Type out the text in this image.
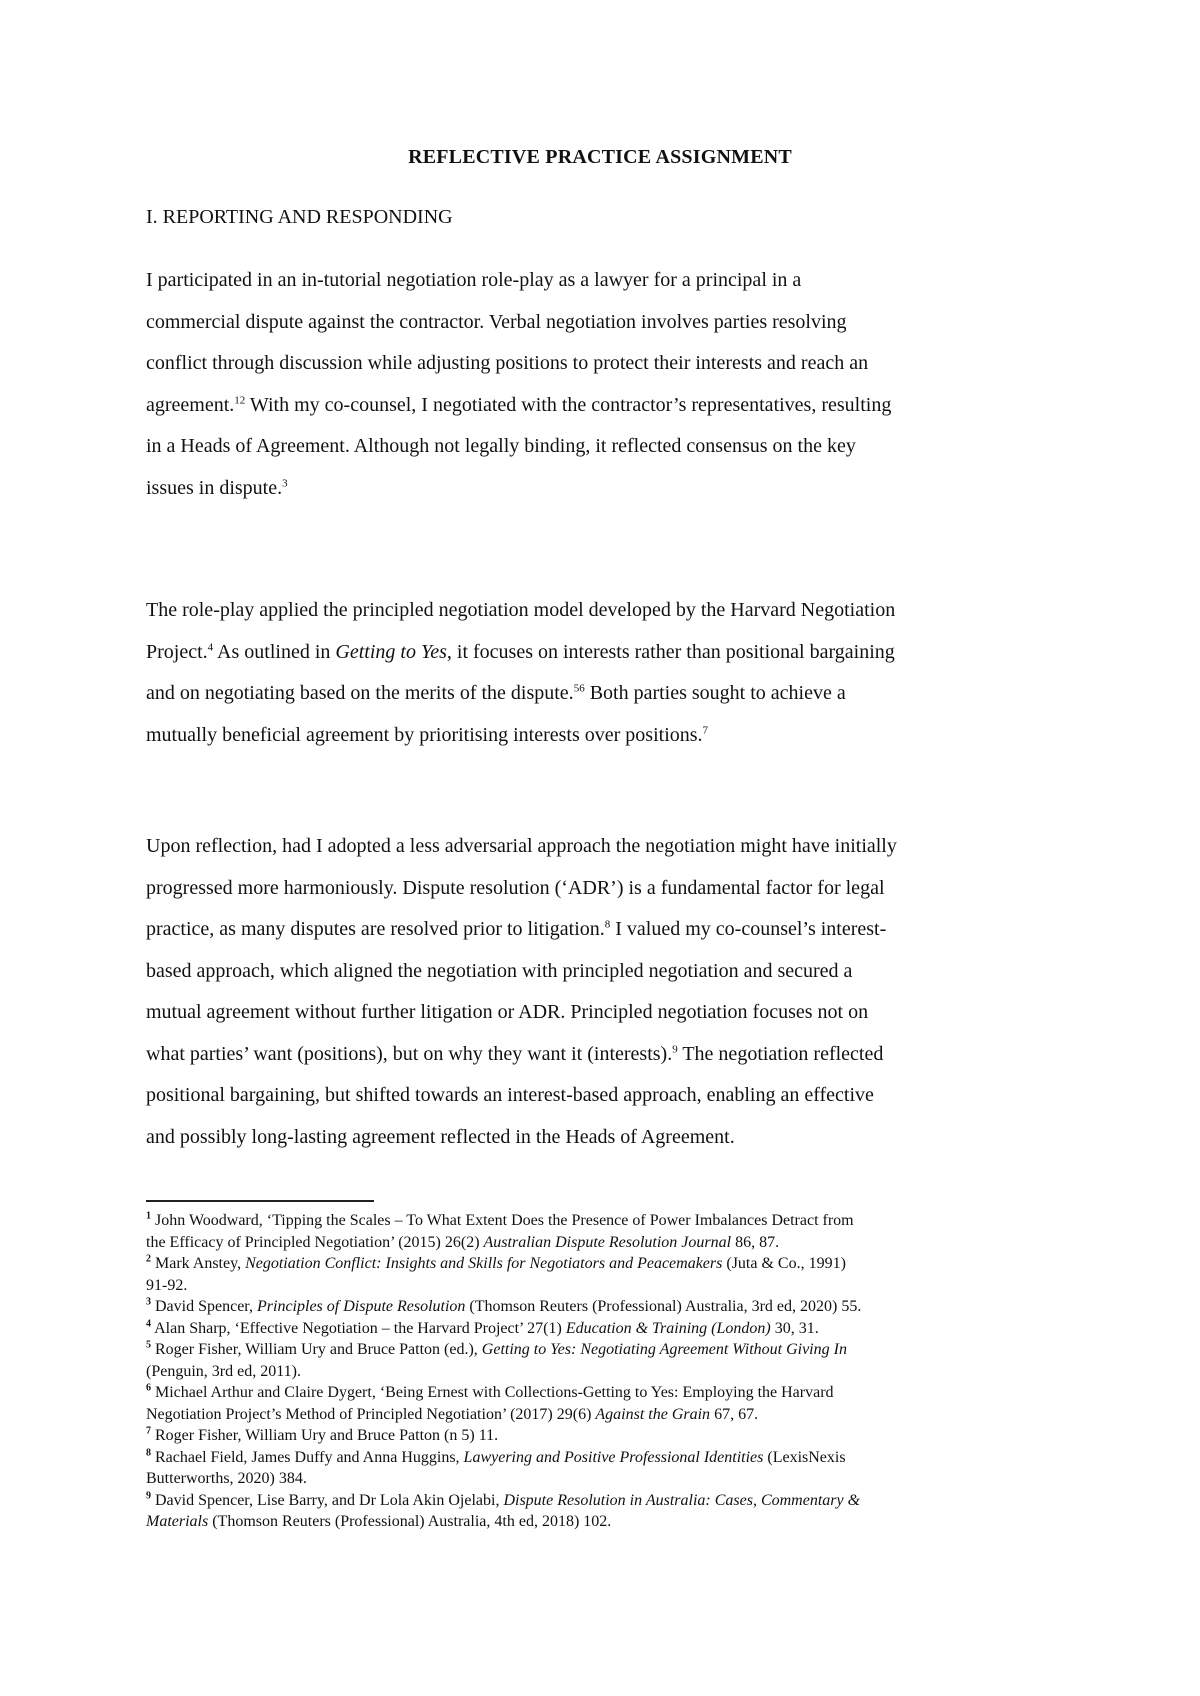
REFLECTIVE PRACTICE ASSIGNMENT
I. REPORTING AND RESPONDING
I participated in an in-tutorial negotiation role-play as a lawyer for a principal in a
commercial dispute against the contractor. Verbal negotiation involves parties resolving
conflict through discussion while adjusting positions to protect their interests and reach an
agreement.$^{12}$ With my co-counsel, I negotiated with the contractor’s representatives, resulting
in a Heads of Agreement. Although not legally binding, it reflected consensus on the key
issues in dispute.$^3$
The role-play applied the principled negotiation model developed by the Harvard Negotiation
Project.$^4$ As outlined in Getting to Yes, it focuses on interests rather than positional bargaining
and on negotiating based on the merits of the dispute.$^{56}$ Both parties sought to achieve a
mutually beneficial agreement by prioritising interests over positions.$^7$
Upon reflection, had I adopted a less adversarial approach the negotiation might have initially
progressed more harmoniously. Dispute resolution (‘ADR’) is a fundamental factor for legal
practice, as many disputes are resolved prior to litigation.$^8$ I valued my co-counsel’s interest-
based approach, which aligned the negotiation with principled negotiation and secured a
mutual agreement without further litigation or ADR. Principled negotiation focuses not on
what parties’ want (positions), but on why they want it (interests).$^9$ The negotiation reflected
positional bargaining, but shifted towards an interest-based approach, enabling an effective
and possibly long-lasting agreement reflected in the Heads of Agreement.
$^1$ John Woodward, ‘Tipping the Scales – To What Extent Does the Presence of Power Imbalances Detract from
the Efficacy of Principled Negotiation’ (2015) 26(2) Australian Dispute Resolution Journal 86, 87.
$^2$ Mark Anstey, Negotiation Conflict: Insights and Skills for Negotiators and Peacemakers (Juta & Co., 1991)
91-92.
$^3$ David Spencer, Principles of Dispute Resolution (Thomson Reuters (Professional) Australia, 3rd ed, 2020) 55.
$^4$ Alan Sharp, ‘Effective Negotiation – the Harvard Project’ 27(1) Education & Training (London) 30, 31.
$^5$ Roger Fisher, William Ury and Bruce Patton (ed.), Getting to Yes: Negotiating Agreement Without Giving In
(Penguin, 3rd ed, 2011).
$^6$ Michael Arthur and Claire Dygert, ‘Being Ernest with Collections-Getting to Yes: Employing the Harvard
Negotiation Project’s Method of Principled Negotiation’ (2017) 29(6) Against the Grain 67, 67.
$^7$ Roger Fisher, William Ury and Bruce Patton (n 5) 11.
$^8$ Rachael Field, James Duffy and Anna Huggins, Lawyering and Positive Professional Identities (LexisNexis
Butterworths, 2020) 384.
$^9$ David Spencer, Lise Barry, and Dr Lola Akin Ojelabi, Dispute Resolution in Australia: Cases, Commentary &
Materials (Thomson Reuters (Professional) Australia, 4th ed, 2018) 102.
